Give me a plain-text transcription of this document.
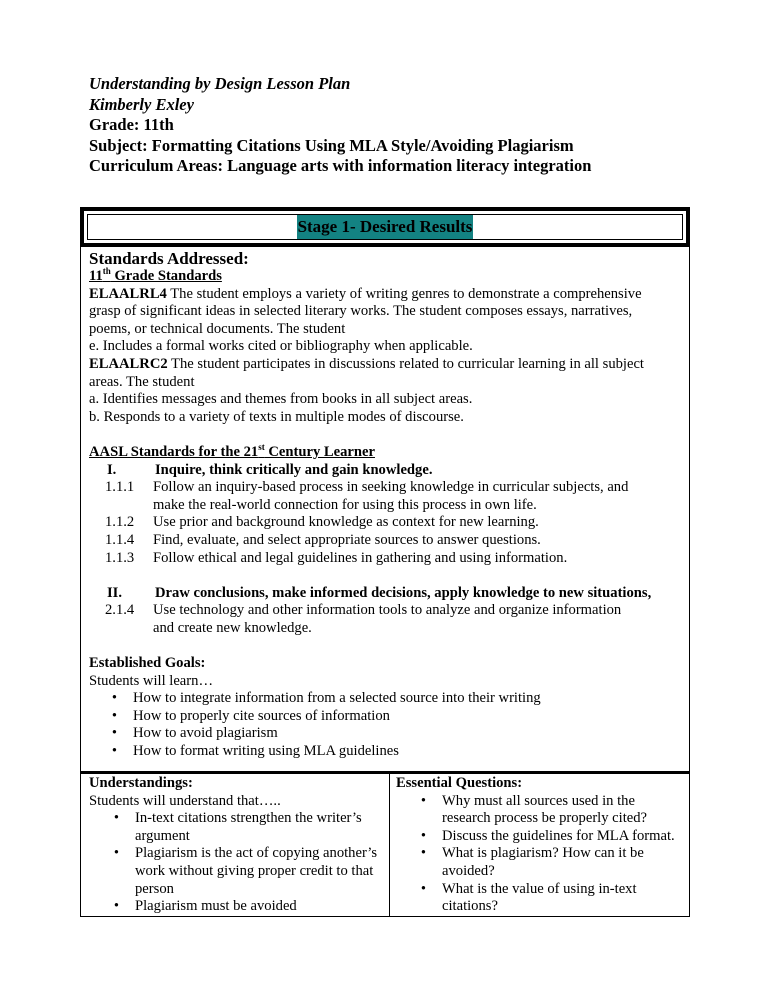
Understanding by Design Lesson Plan
Kimberly Exley
Grade: 11th
Subject: Formatting Citations Using MLA Style/Avoiding Plagiarism
Curriculum Areas: Language arts with information literacy integration
Stage 1- Desired Results
Standards Addressed:
11th Grade Standards
ELAALRL4 The student employs a variety of writing genres to demonstrate a comprehensive
grasp of significant ideas in selected literary works. The student composes essays, narratives,
poems, or technical documents. The student
e. Includes a formal works cited or bibliography when applicable.
ELAALRC2 The student participates in discussions related to curricular learning in all subject
areas. The student
a. Identifies messages and themes from books in all subject areas.
b. Responds to a variety of texts in multiple modes of discourse.
AASL Standards for the 21st Century Learner
I.	Inquire, think critically and gain knowledge.
1.1.1	Follow an inquiry-based process in seeking knowledge in curricular subjects, and
make the real-world connection for using this process in own life.
1.1.2	Use prior and background knowledge as context for new learning.
1.1.4	Find, evaluate, and select appropriate sources to answer questions.
1.1.3	Follow ethical and legal guidelines in gathering and using information.
II.	Draw conclusions, make informed decisions, apply knowledge to new situations,
2.1.4	Use technology and other information tools to analyze and organize information
and create new knowledge.
Established Goals:
Students will learn…
•	How to integrate information from a selected source into their writing
•	How to properly cite sources of information
•	How to avoid plagiarism
•	How to format writing using MLA guidelines
Understandings:
Students will understand that…..
•	In-text citations strengthen the writer’s argument
•	Plagiarism is the act of copying another’s work without giving proper credit to that person
•	Plagiarism must be avoided
Essential Questions:
•	Why must all sources used in the research process be properly cited?
•	Discuss the guidelines for MLA format.
•	What is plagiarism? How can it be avoided?
•	What is the value of using in-text citations?
